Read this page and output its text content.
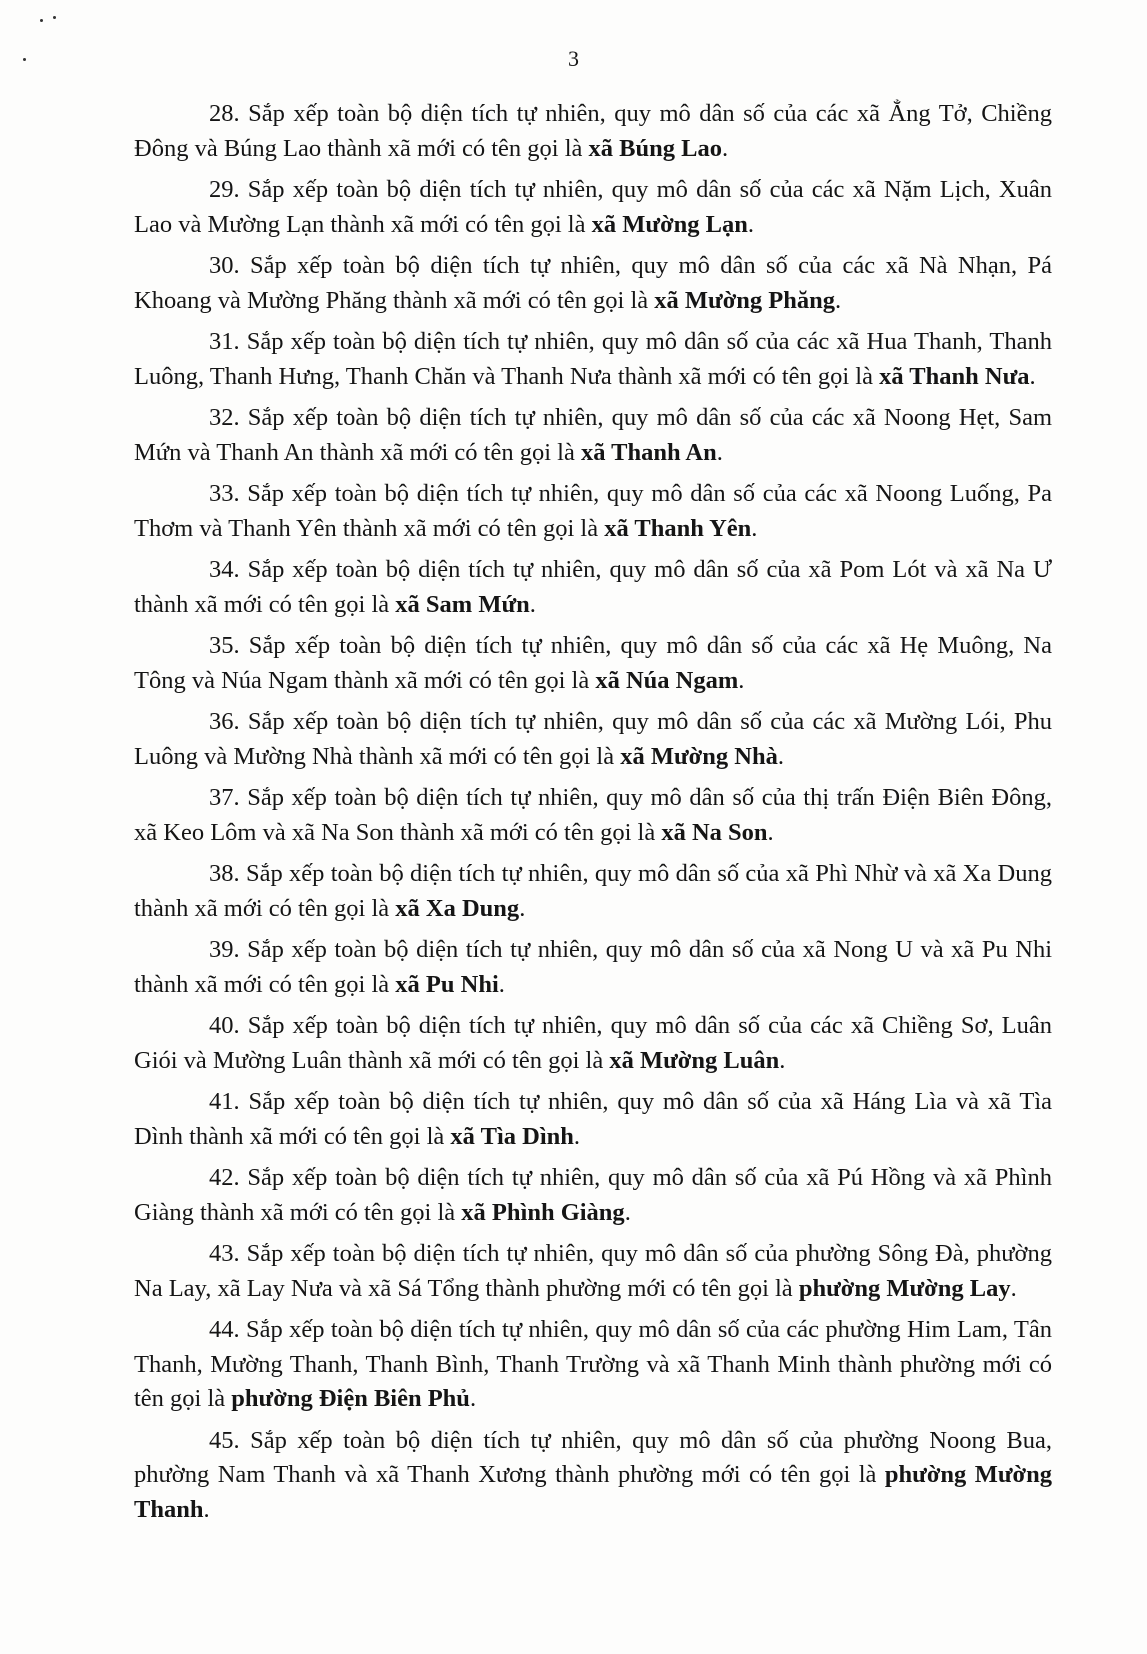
3

28. Sắp xếp toàn bộ diện tích tự nhiên, quy mô dân số của các xã Ẳng Tở, Chiềng Đông và Búng Lao thành xã mới có tên gọi là xã Búng Lao.

29. Sắp xếp toàn bộ diện tích tự nhiên, quy mô dân số của các xã Nặm Lịch, Xuân Lao và Mường Lạn thành xã mới có tên gọi là xã Mường Lạn.

30. Sắp xếp toàn bộ diện tích tự nhiên, quy mô dân số của các xã Nà Nhạn, Pá Khoang và Mường Phăng thành xã mới có tên gọi là xã Mường Phăng.

31. Sắp xếp toàn bộ diện tích tự nhiên, quy mô dân số của các xã Hua Thanh, Thanh Luông, Thanh Hưng, Thanh Chăn và Thanh Nưa thành xã mới có tên gọi là xã Thanh Nưa.

32. Sắp xếp toàn bộ diện tích tự nhiên, quy mô dân số của các xã Noong Hẹt, Sam Mứn và Thanh An thành xã mới có tên gọi là xã Thanh An.

33. Sắp xếp toàn bộ diện tích tự nhiên, quy mô dân số của các xã Noong Luống, Pa Thơm và Thanh Yên thành xã mới có tên gọi là xã Thanh Yên.

34. Sắp xếp toàn bộ diện tích tự nhiên, quy mô dân số của xã Pom Lót và xã Na Ư thành xã mới có tên gọi là xã Sam Mứn.

35. Sắp xếp toàn bộ diện tích tự nhiên, quy mô dân số của các xã Hẹ Muông, Na Tông và Núa Ngam thành xã mới có tên gọi là xã Núa Ngam.

36. Sắp xếp toàn bộ diện tích tự nhiên, quy mô dân số của các xã Mường Lói, Phu Luông và Mường Nhà thành xã mới có tên gọi là xã Mường Nhà.

37. Sắp xếp toàn bộ diện tích tự nhiên, quy mô dân số của thị trấn Điện Biên Đông, xã Keo Lôm và xã Na Son thành xã mới có tên gọi là xã Na Son.

38. Sắp xếp toàn bộ diện tích tự nhiên, quy mô dân số của xã Phì Nhừ và xã Xa Dung thành xã mới có tên gọi là xã Xa Dung.

39. Sắp xếp toàn bộ diện tích tự nhiên, quy mô dân số của xã Nong U và xã Pu Nhi thành xã mới có tên gọi là xã Pu Nhi.

40. Sắp xếp toàn bộ diện tích tự nhiên, quy mô dân số của các xã Chiềng Sơ, Luân Giói và Mường Luân thành xã mới có tên gọi là xã Mường Luân.

41. Sắp xếp toàn bộ diện tích tự nhiên, quy mô dân số của xã Háng Lìa và xã Tìa Dình thành xã mới có tên gọi là xã Tìa Dình.

42. Sắp xếp toàn bộ diện tích tự nhiên, quy mô dân số của xã Pú Hồng và xã Phình Giàng thành xã mới có tên gọi là xã Phình Giàng.

43. Sắp xếp toàn bộ diện tích tự nhiên, quy mô dân số của phường Sông Đà, phường Na Lay, xã Lay Nưa và xã Sá Tổng thành phường mới có tên gọi là phường Mường Lay.

44. Sắp xếp toàn bộ diện tích tự nhiên, quy mô dân số của các phường Him Lam, Tân Thanh, Mường Thanh, Thanh Bình, Thanh Trường và xã Thanh Minh thành phường mới có tên gọi là phường Điện Biên Phủ.

45. Sắp xếp toàn bộ diện tích tự nhiên, quy mô dân số của phường Noong Bua, phường Nam Thanh và xã Thanh Xương thành phường mới có tên gọi là phường Mường Thanh.
